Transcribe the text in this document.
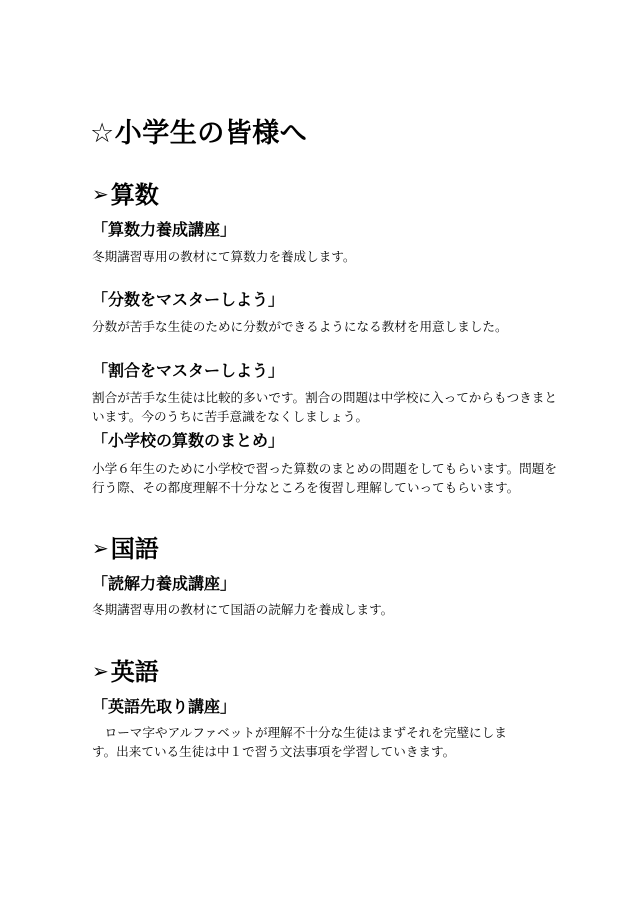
☆小学生の皆様へ
➢算数
「算数力養成講座」

冬期講習専用の教材にて算数力を養成します。

「分数をマスターしよう」

分数が苦手な生徒のために分数ができるようになる教材を用意しました。

「割合をマスターしよう」

割合が苦手な生徒は比較的多いです。割合の問題は中学校に入ってからもつきまといます。今のうちに苦手意識をなくしましょう。

「小学校の算数のまとめ」

小学６年生のために小学校で習った算数のまとめの問題をしてもらいます。問題を行う際、その都度理解不十分なところを復習し理解していってもらいます。

➢国語
「読解力養成講座」

冬期講習専用の教材にて国語の読解力を養成します。

➢英語
「英語先取り講座」

ローマ字やアルファベットが理解不十分な生徒はまずそれを完璧にします。出来ている生徒は中１で習う文法事項を学習していきます。
